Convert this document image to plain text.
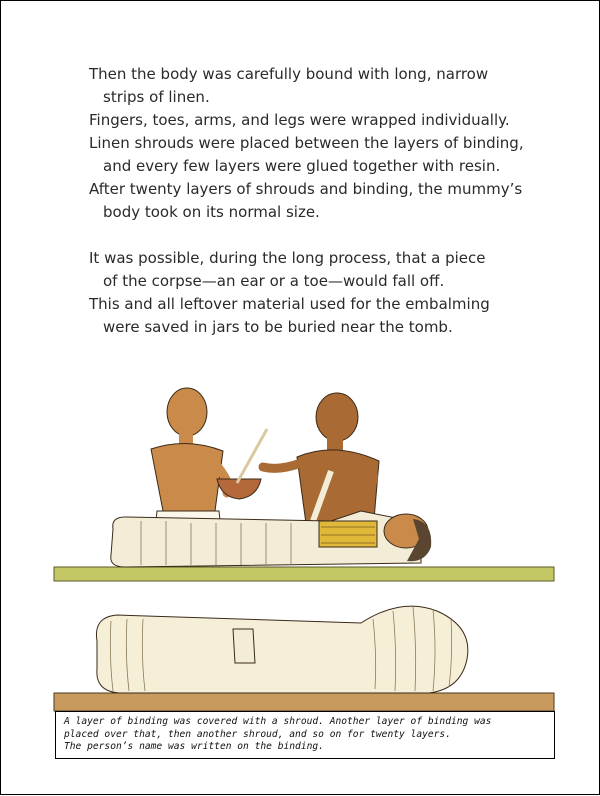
Then the body was carefully bound with long, narrow
strips of linen.
Fingers, toes, arms, and legs were wrapped individually.
Linen shrouds were placed between the layers of binding,
and every few layers were glued together with resin.
After twenty layers of shrouds and binding, the mummy’s
body took on its normal size.

It was possible, during the long process, that a piece
of the corpse—an ear or a toe—would fall off.
This and all leftover material used for the embalming
were saved in jars to be buried near the tomb.

A layer of binding was covered with a shroud. Another layer of binding was
placed over that, then another shroud, and so on for twenty layers.
The person’s name was written on the binding.
